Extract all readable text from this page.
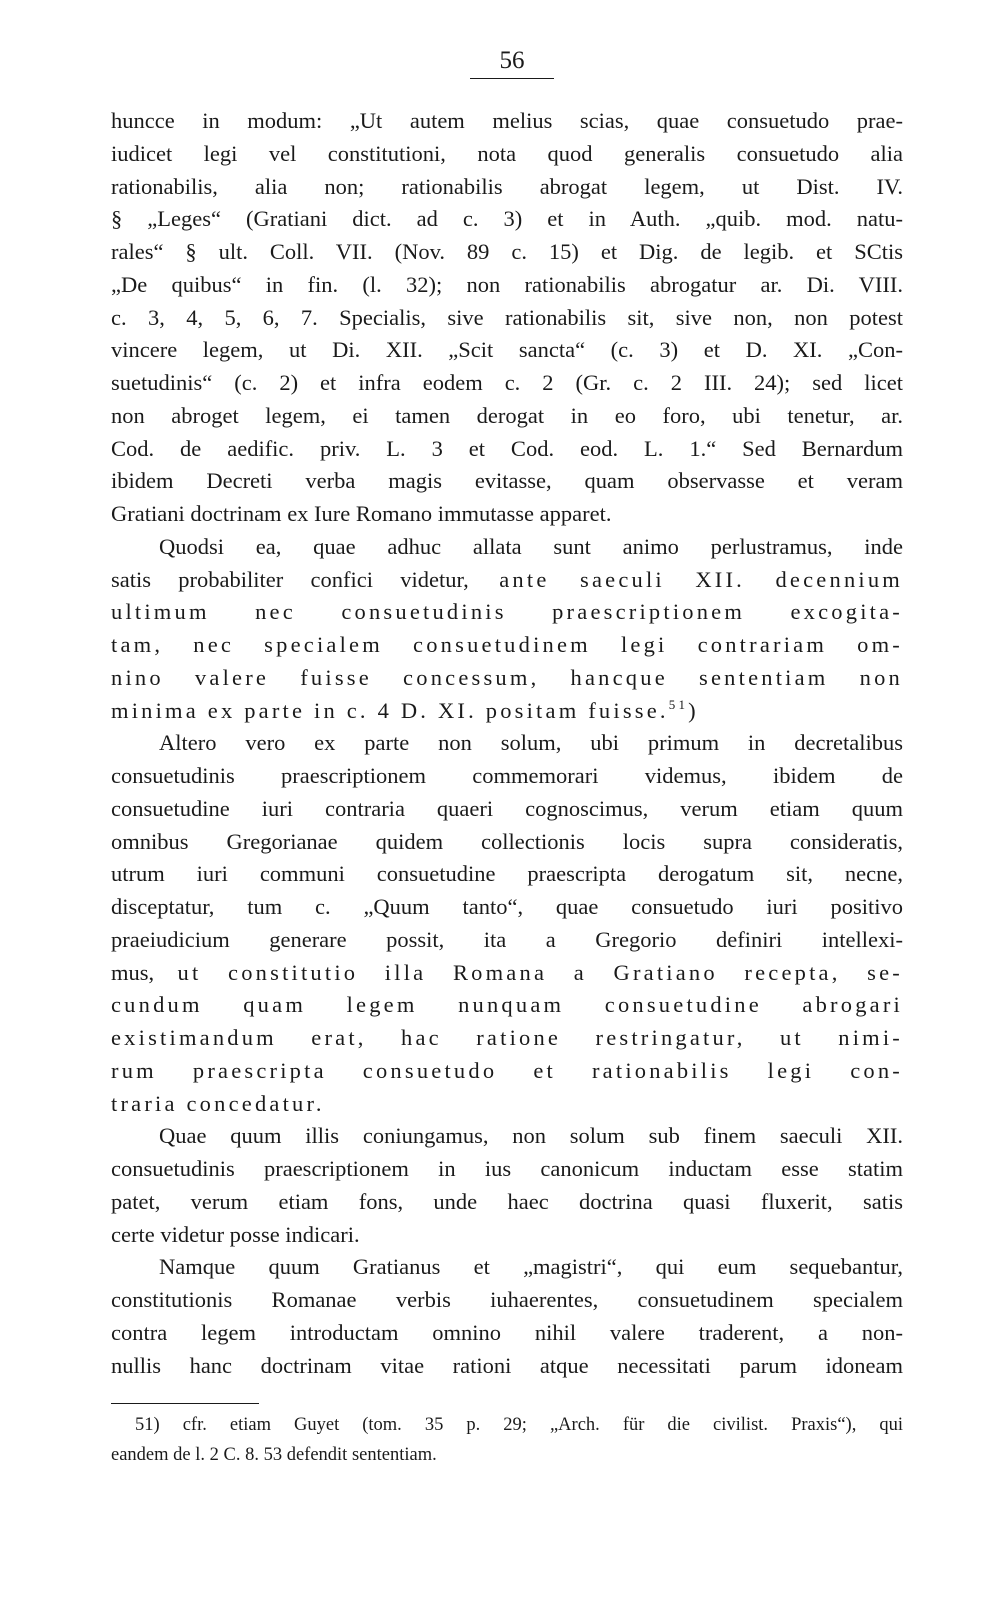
56
huncce in modum: „Ut autem melius scias, quae consuetudo prae-
iudicet legi vel constitutioni, nota quod generalis consuetudo alia
rationabilis, alia non; rationabilis abrogat legem, ut Dist. IV.
§ „Leges“ (Gratiani dict. ad c. 3) et in Auth. „quib. mod. natu-
rales“ § ult. Coll. VII. (Nov. 89 c. 15) et Dig. de legib. et SCtis
„De quibus“ in fin. (l. 32); non rationabilis abrogatur ar. Di. VIII.
c. 3, 4, 5, 6, 7. Specialis, sive rationabilis sit, sive non, non potest
vincere legem, ut Di. XII. „Scit sancta“ (c. 3) et D. XI. „Con-
suetudinis“ (c. 2) et infra eodem c. 2 (Gr. c. 2 III. 24); sed licet
non abroget legem, ei tamen derogat in eo foro, ubi tenetur, ar.
Cod. de aedific. priv. L. 3 et Cod. eod. L. 1.“ Sed Bernardum
ibidem Decreti verba magis evitasse, quam observasse et veram
Gratiani doctrinam ex Iure Romano immutasse apparet.
Quodsi ea, quae adhuc allata sunt animo perlustramus, inde
satis probabiliter confici videtur, ante saeculi XII. decennium
ultimum nec consuetudinis praescriptionem excogita-
tam, nec specialem consuetudinem legi contrariam om-
nino valere fuisse concessum, hancque sententiam non
minima ex parte in c. 4 D. XI. positam fuisse.$^{51}$)
Altero vero ex parte non solum, ubi primum in decretalibus
consuetudinis praescriptionem commemorari videmus, ibidem de
consuetudine iuri contraria quaeri cognoscimus, verum etiam quum
omnibus Gregorianae quidem collectionis locis supra consideratis,
utrum iuri communi consuetudine praescripta derogatum sit, necne,
disceptatur, tum c. „Quum tanto“, quae consuetudo iuri positivo
praeiudicium generare possit, ita a Gregorio definiri intellexi-
mus, ut constitutio illa Romana a Gratiano recepta, se-
cundum quam legem nunquam consuetudine abrogari
existimandum erat, hac ratione restringatur, ut nimi-
rum praescripta consuetudo et rationabilis legi con-
traria concedatur.
Quae quum illis coniungamus, non solum sub finem saeculi XII.
consuetudinis praescriptionem in ius canonicum inductam esse statim
patet, verum etiam fons, unde haec doctrina quasi fluxerit, satis
certe videtur posse indicari.
Namque quum Gratianus et „magistri“, qui eum sequebantur,
constitutionis Romanae verbis iuhaerentes, consuetudinem specialem
contra legem introductam omnino nihil valere traderent, a non-
nullis hanc doctrinam vitae rationi atque necessitati parum idoneam
51) cfr. etiam Guyet (tom. 35 p. 29; „Arch. für die civilist. Praxis“), qui
eandem de l. 2 C. 8. 53 defendit sententiam.
